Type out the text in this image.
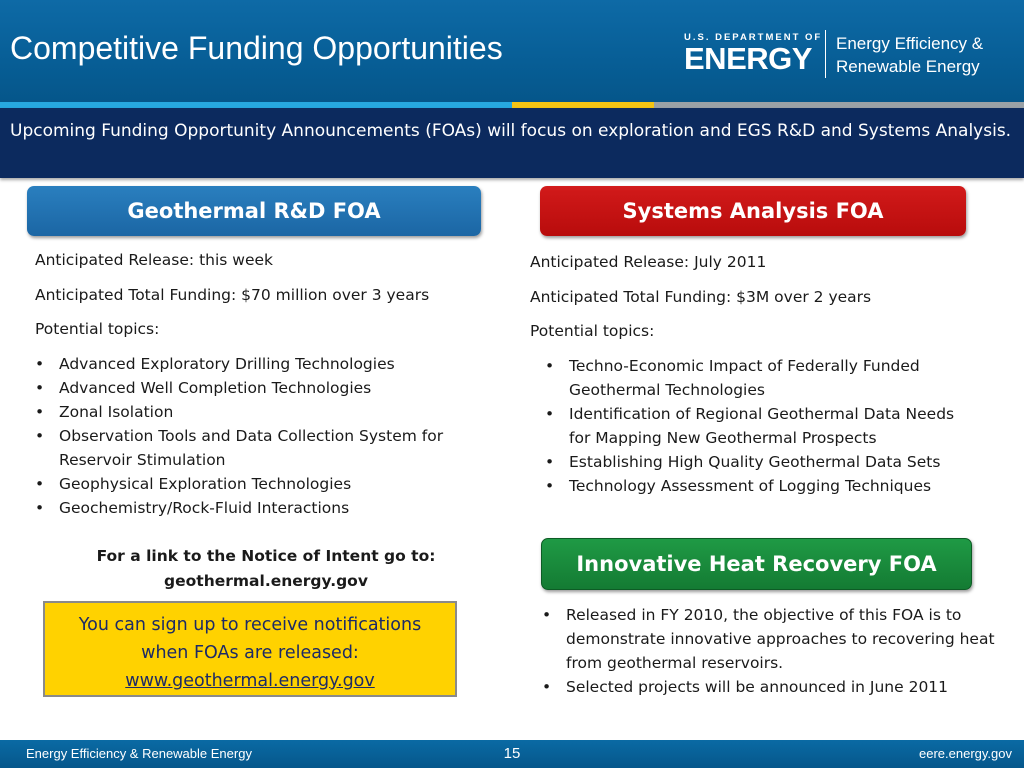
Competitive Funding Opportunities	U.S. DEPARTMENT OF
ENERGY Energy Efficiency &
Renewable Energy
Upcoming Funding Opportunity Announcements (FOAs) will focus on exploration and EGS R&D and Systems Analysis.
Geothermal R&D FOA
Anticipated Release: this week
Anticipated Total Funding: $70 million over 3 years
Potential topics:
• Advanced Exploratory Drilling Technologies
• Advanced Well Completion Technologies
• Zonal Isolation
• Observation Tools and Data Collection System for Reservoir Stimulation
• Geophysical Exploration Technologies
• Geochemistry/Rock-Fluid Interactions
For a link to the Notice of Intent go to:
geothermal.energy.gov
You can sign up to receive notifications
when FOAs are released:
www.geothermal.energy.gov
Systems Analysis FOA
Anticipated Release: July 2011
Anticipated Total Funding: $3M over 2 years
Potential topics:
• Techno-Economic Impact of Federally Funded Geothermal Technologies
• Identification of Regional Geothermal Data Needs for Mapping New Geothermal Prospects
• Establishing High Quality Geothermal Data Sets
• Technology Assessment of Logging Techniques
Innovative Heat Recovery FOA
• Released in FY 2010, the objective of this FOA is to demonstrate innovative approaches to recovering heat from geothermal reservoirs.
• Selected projects will be announced in June 2011
Energy Efficiency & Renewable Energy	15	eere.energy.gov
